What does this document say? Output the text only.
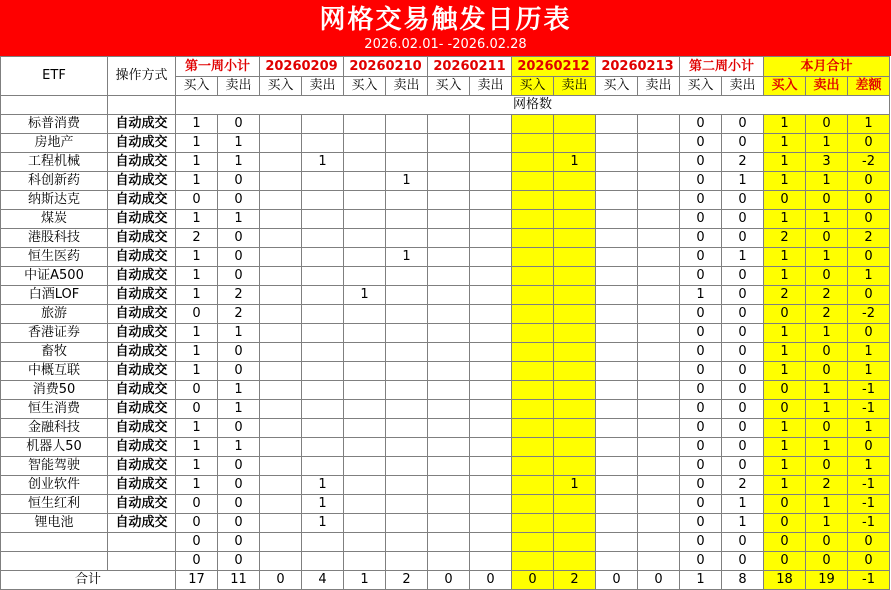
网格交易触发日历表
2026.02.01- -2026.02.28
ETF	操作方式	第一周小计		20260209		20260210		20260211		20260212		20260213		第二周小计		本月合计		
		买入	卖出	买入	卖出	买入	卖出	买入	卖出	买入	卖出	买入	卖出	买入	卖出	买入	卖出	差额
		网格数																
标普消费	自动成交	1	0											0	0	1	0	1
房地产	自动成交	1	1											0	0	1	1	0
工程机械	自动成交	1	1		1						1			0	2	1	3	-2
科创新药	自动成交	1	0				1							0	1	1	1	0
纳斯达克	自动成交	0	0											0	0	0	0	0
煤炭	自动成交	1	1											0	0	1	1	0
港股科技	自动成交	2	0											0	0	2	0	2
恒生医药	自动成交	1	0				1							0	1	1	1	0
中证A500	自动成交	1	0											0	0	1	0	1
白酒LOF	自动成交	1	2			1								1	0	2	2	0
旅游	自动成交	0	2											0	0	0	2	-2
香港证券	自动成交	1	1											0	0	1	1	0
畜牧	自动成交	1	0											0	0	1	0	1
中概互联	自动成交	1	0											0	0	1	0	1
消费50	自动成交	0	1											0	0	0	1	-1
恒生消费	自动成交	0	1											0	0	0	1	-1
金融科技	自动成交	1	0											0	0	1	0	1
机器人50	自动成交	1	1											0	0	1	1	0
智能驾驶	自动成交	1	0											0	0	1	0	1
创业软件	自动成交	1	0		1						1			0	2	1	2	-1
恒生红利	自动成交	0	0		1									0	1	0	1	-1
锂电池	自动成交	0	0		1									0	1	0	1	-1
		0	0											0	0	0	0	0
		0	0											0	0	0	0	0
合计		17	11	0	4	1	2	0	0	0	2	0	0	1	8	18	19	-1
